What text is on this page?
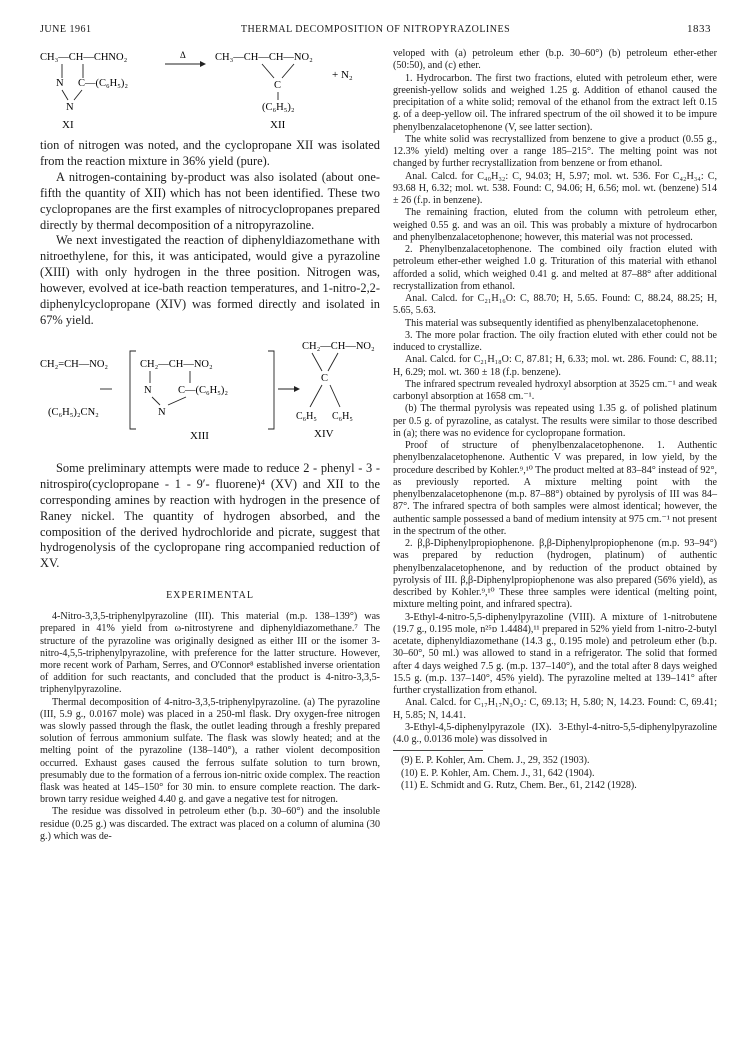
JUNE 1961	THERMAL DECOMPOSITION OF NITROPYRAZOLINES	1833
CH₃—CH—CHNO₂
N C—(C₆H₅)₂
N
XI
Δ	CH₃—CH—CH—NO₂
C
(C₆H₅)₂
XII
+ N₂

tion of nitrogen was noted, and the cyclopropane XII was isolated from the reaction mixture in 36% yield (pure).

A nitrogen-containing by-product was also isolated (about one-fifth the quantity of XII) which has not been identified. These two cyclopropanes are the first examples of nitrocyclopropanes prepared directly by thermal decomposition of a nitropyrazoline.

We next investigated the reaction of diphenyldiazomethane with nitroethylene, for this, it was anticipated, would give a pyrazoline (XIII) with only hydrogen in the three position. Nitrogen was, however, evolved at ice-bath reaction temperatures, and 1-nitro-2,2-diphenylcyclopropane (XIV) was formed directly and isolated in 67% yield.

CH₂=CH—NO₂
(C₆H₅)₂CN₂
CH₂—CH—NO₂
N	C—(C₆H₅)₂
N
XIII
CH₂—CH—NO₂
C
C₆H₅ C₆H₅
XIV

Some preliminary attempts were made to reduce 2 - phenyl - 3 - nitrospiro(cyclopropane - 1 - 9′- fluorene)⁴ (XV) and XII to the corresponding amines by reaction with hydrogen in the presence of Raney nickel. The quantity of hydrogen absorbed, and the composition of the derived hydrochloride and picrate, suggest that hydrogenolysis of the cyclopropane ring accompanied reduction of XV.

EXPERIMENTAL

4-Nitro-3,3,5-triphenylpyrazoline (III). This material (m.p. 138–139°) was prepared in 41% yield from ω-nitrostyrene and diphenyldiazomethane.⁷ The structure of the pyrazoline was originally designed as either III or the isomer 3-nitro-4,5,5-triphenylpyrazoline, with preference for the latter structure. However, more recent work of Parham, Serres, and O'Connor⁸ established inverse orientation of addition for such reactants, and concluded that the product is 4-nitro-3,3,5-triphenylpyrazoline.

Thermal decomposition of 4-nitro-3,3,5-triphenylpyrazoline. (a) The pyrazoline (III, 5.9 g., 0.0167 mole) was placed in a 250-ml flask. Dry oxygen-free nitrogen was slowly passed through the flask, the outlet leading through a freshly prepared solution of ferrous ammonium sulfate. The flask was slowly heated; and at the melting point of the pyrazoline (138–140°), a rather violent decomposition occurred. Exhaust gases caused the ferrous sulfate solution to turn brown, presumably due to the formation of a ferrous ion-nitric oxide complex. The reaction flask was heated at 145–150° for 30 min. to ensure complete reaction. The dark-brown tarry residue weighed 4.40 g. and gave a negative test for nitrogen.

The residue was dissolved in petroleum ether (b.p. 30–60°) and the insoluble residue (0.25 g.) was discarded. The extract was placed on a column of alumina (30 g.) which was de-

veloped with (a) petroleum ether (b.p. 30–60°) (b) petroleum ether-ether (50:50), and (c) ether.

1. Hydrocarbon. The first two fractions, eluted with petroleum ether, were greenish-yellow solids and weighed 1.25 g. Addition of ethanol caused the precipitation of a white solid; removal of the ethanol from the extract left 0.15 g. of a deep-yellow oil. The infrared spectrum of the oil showed it to be impure phenylbenzalacetophenone (V, see latter section).

The white solid was recrystallized from benzene to give a product (0.55 g., 12.3% yield) melting over a range 185–215°. The melting point was not changed by further recrystallization from benzene or from ethanol.

Anal. Calcd. for C₄₀H₃₂: C, 94.03; H, 5.97; mol. wt. 536. For C₄₂H₃₄: C, 93.68 H, 6.32; mol. wt. 538. Found: C, 94.06; H, 6.56; mol. wt. (benzene) 514 ± 26 (f.p. in benzene).

The remaining fraction, eluted from the column with petroleum ether, weighed 0.55 g. and was an oil. This was probably a mixture of hydrocarbon and phenylbenzalacetophenone; however, this material was not processed.

2. Phenylbenzalacetophenone. The combined oily fraction eluted with petroleum ether-ether weighed 1.0 g. Trituration of this material with ethanol afforded a solid, which weighed 0.41 g. and melted at 87–88° after additional recrystallization from ethanol.

Anal. Calcd. for C₂₁H₁₆O: C, 88.70; H, 5.65. Found: C, 88.24, 88.25; H, 5.65, 5.63.

This material was subsequently identified as phenylbenzalacetophenone.

3. The more polar fraction. The oily fraction eluted with ether could not be induced to crystallize.

Anal. Calcd. for C₂₁H₁₈O: C, 87.81; H, 6.33; mol. wt. 286. Found: C, 88.11; H, 6.29; mol. wt. 360 ± 18 (f.p. benzene).

The infrared spectrum revealed hydroxyl absorption at 3525 cm.⁻¹ and weak carbonyl absorption at 1658 cm.⁻¹.

(b) The thermal pyrolysis was repeated using 1.35 g. of polished platinum per 0.5 g. of pyrazoline, as catalyst. The results were similar to those described in (a); there was no evidence for cyclopropane formation.

Proof of structure of phenylbenzalacetophenone. 1. Authentic phenylbenzalacetophenone. Authentic V was prepared, in low yield, by the procedure described by Kohler.⁹,¹⁰ The product melted at 83–84° instead of 92°, as previously reported. A mixture melting point with the phenylbenzalacetophenone (m.p. 87–88°) obtained by pyrolysis of III was 84–87°. The infrared spectra of both samples were almost identical; however, the authentic sample possessed a band of medium intensity at 975 cm.⁻¹ not present in the spectrum of the other.

2. β,β-Diphenylpropiophenone. β,β-Diphenylpropiophenone (m.p. 93–94°) was prepared by reduction (hydrogen, platinum) of authentic phenylbenzalacetophenone, and by reduction of the product obtained by pyrolysis of III. β,β-Diphenylpropiophenone was also prepared (56% yield), as described by Kohler.⁹,¹⁰ These three samples were identical (melting point, mixture melting point, and infrared spectra).

3-Ethyl-4-nitro-5,5-diphenylpyrazoline (VIII). A mixture of 1-nitrobutene (19.7 g., 0.195 mole, n²⁵ᴅ 1.4484),¹¹ prepared in 52% yield from 1-nitro-2-butyl acetate, diphenyldiazomethane (14.3 g., 0.195 mole) and petroleum ether (b.p. 30–60°, 50 ml.) was allowed to stand in a refrigerator. The solid that formed after 4 days weighed 7.5 g. (m.p. 137–140°), and the total after 8 days weighed 15.5 g. (m.p. 137–140°, 45% yield). The pyrazoline melted at 139–141° after further crystallization from ethanol.

Anal. Calcd. for C₁₇H₁₇N₃O₂: C, 69.13; H, 5.80; N, 14.23. Found: C, 69.41; H, 5.85; N, 14.41.

3-Ethyl-4,5-diphenylpyrazole (IX). 3-Ethyl-4-nitro-5,5-diphenylpyrazoline (4.0 g., 0.0136 mole) was dissolved in

(9) E. P. Kohler, Am. Chem. J., 29, 352 (1903).

(10) E. P. Kohler, Am. Chem. J., 31, 642 (1904).

(11) E. Schmidt and G. Rutz, Chem. Ber., 61, 2142 (1928).
